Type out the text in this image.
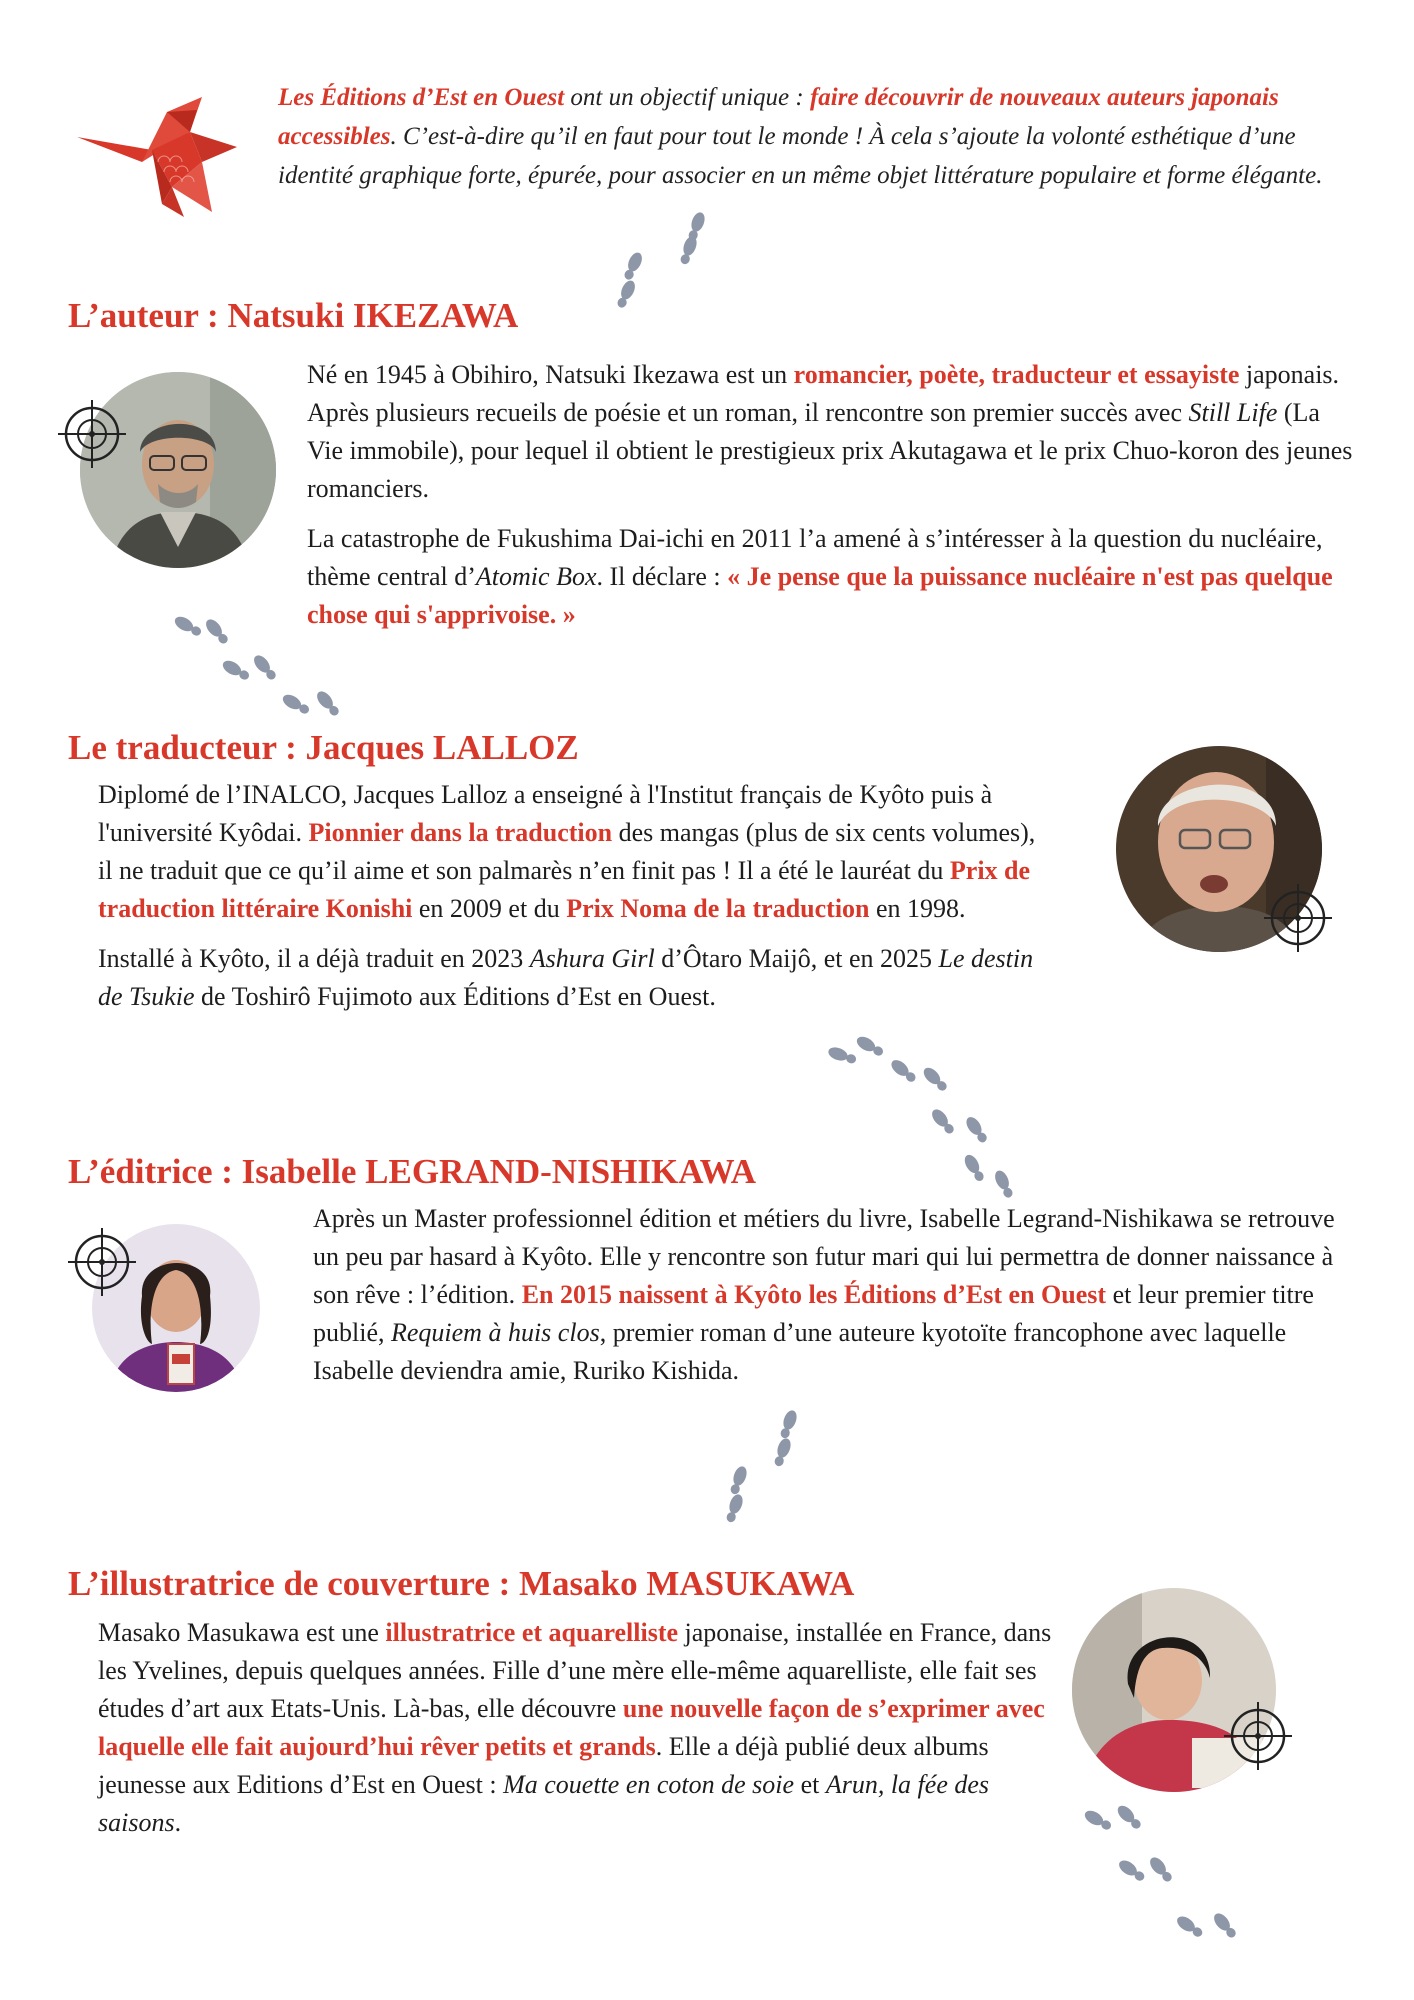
Les Éditions d’Est en Ouest ont un objectif unique : faire découvrir de nouveaux auteurs japonais accessibles. C’est-à-dire qu’il en faut pour tout le monde ! À cela s’ajoute la volonté esthétique d’une identité graphique forte, épurée, pour associer en un même objet littérature populaire et forme élégante.
L’auteur : Natsuki IKEZAWA

Né en 1945 à Obihiro, Natsuki Ikezawa est un romancier, poète, traducteur et essayiste japonais. Après plusieurs recueils de poésie et un roman, il rencontre son premier succès avec Still Life (La Vie immobile), pour lequel il obtient le prestigieux prix Akutagawa et le prix Chuo-koron des jeunes romanciers.

La catastrophe de Fukushima Dai-ichi en 2011 l’a amené à s’intéresser à la question du nucléaire, thème central d’Atomic Box. Il déclare : « Je pense que la puissance nucléaire n'est pas quelque chose qui s'apprivoise. »

Le traducteur : Jacques LALLOZ

Diplomé de l’INALCO, Jacques Lalloz a enseigné à l'Institut français de Kyôto puis à l'université Kyôdai. Pionnier dans la traduction des mangas (plus de six cents volumes), il ne traduit que ce qu’il aime et son palmarès n’en finit pas ! Il a été le lauréat du Prix de traduction littéraire Konishi en 2009 et du Prix Noma de la traduction en 1998.

Installé à Kyôto, il a déjà traduit en 2023 Ashura Girl d’Ôtaro Maijô, et en 2025 Le destin de Tsukie de Toshirô Fujimoto aux Éditions d’Est en Ouest.

L’éditrice : Isabelle LEGRAND-NISHIKAWA

Après un Master professionnel édition et métiers du livre, Isabelle Legrand-Nishikawa se retrouve un peu par hasard à Kyôto. Elle y rencontre son futur mari qui lui permettra de donner naissance à son rêve : l’édition. En 2015 naissent à Kyôto les Éditions d’Est en Ouest et leur premier titre publié, Requiem à huis clos, premier roman d’une auteure kyotoïte francophone avec laquelle Isabelle deviendra amie, Ruriko Kishida.

L’illustratrice de couverture : Masako MASUKAWA

Masako Masukawa est une illustratrice et aquarelliste japonaise, installée en France, dans les Yvelines, depuis quelques années. Fille d’une mère elle-même aquarelliste, elle fait ses études d’art aux Etats-Unis. Là-bas, elle découvre une nouvelle façon de s’exprimer avec laquelle elle fait aujourd’hui rêver petits et grands. Elle a déjà publié deux albums jeunesse aux Editions d’Est en Ouest : Ma couette en coton de soie et Arun, la fée des saisons.
